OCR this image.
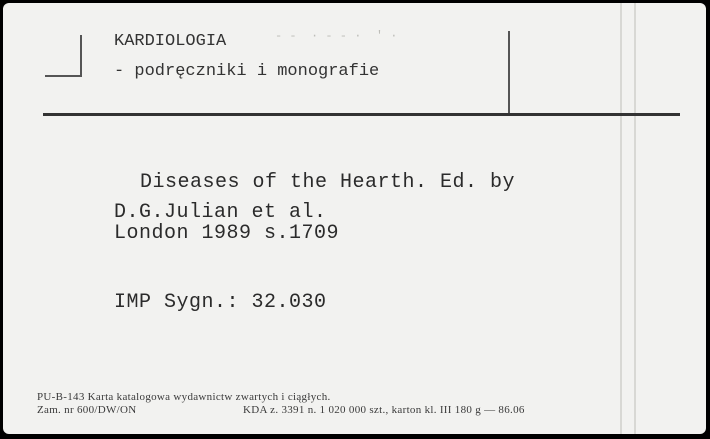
- -  · - - ·  ' ·
KARDIOLOGIA
- podręczniki i monografie
Diseases of the Hearth. Ed. by
D.G.Julian et al.
London 1989 s.1709
IMP Sygn.: 32.030
PU-B-143 Karta katalogowa wydawnictw zwartych i ciągłych.
Zam. nr 600/DW/ON	KDA z. 3391 n. 1 020 000 szt., karton kl. III 180 g — 86.06
